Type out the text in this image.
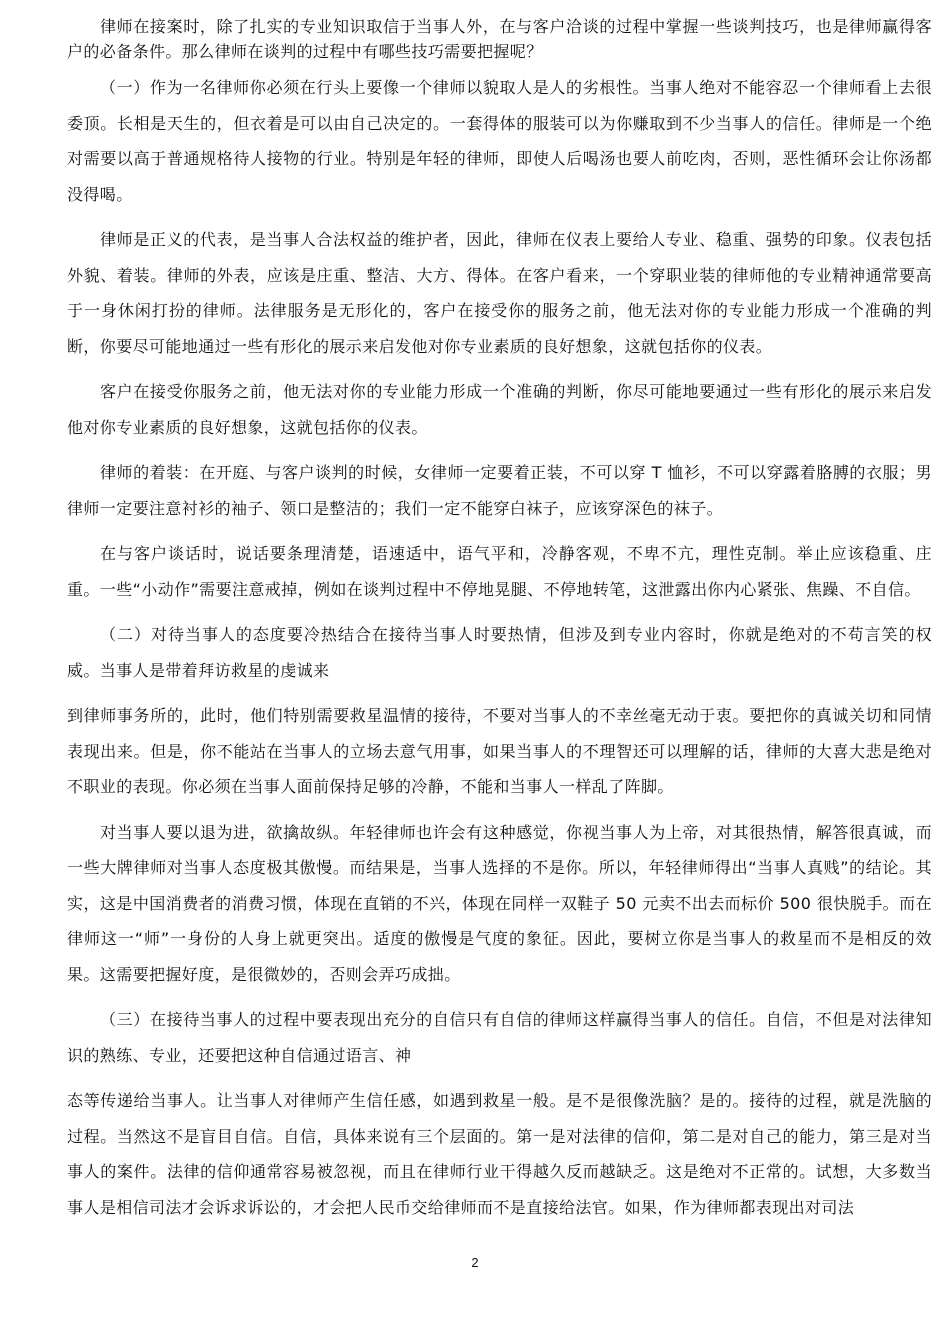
律师在接案时，除了扎实的专业知识取信于当事人外，在与客户洽谈的过程中掌握一些谈判技巧，也是律师赢得客户的必备条件。那么律师在谈判的过程中有哪些技巧需要把握呢？

（一）作为一名律师你必须在行头上要像一个律师以貌取人是人的劣根性。当事人绝对不能容忍一个律师看上去很委顶。长相是天生的，但衣着是可以由自己决定的。一套得体的服装可以为你赚取到不少当事人的信任。律师是一个绝对需要以高于普通规格待人接物的行业。特别是年轻的律师，即使人后喝汤也要人前吃肉，否则，恶性循环会让你汤都没得喝。

律师是正义的代表，是当事人合法权益的维护者，因此，律师在仪表上要给人专业、稳重、强势的印象。仪表包括外貌、着装。律师的外表，应该是庄重、整洁、大方、得体。在客户看来，一个穿职业装的律师他的专业精神通常要高于一身休闲打扮的律师。法律服务是无形化的，客户在接受你的服务之前，他无法对你的专业能力形成一个准确的判断，你要尽可能地通过一些有形化的展示来启发他对你专业素质的良好想象，这就包括你的仪表。

客户在接受你服务之前，他无法对你的专业能力形成一个准确的判断，你尽可能地要通过一些有形化的展示来启发他对你专业素质的良好想象，这就包括你的仪表。

律师的着装：在开庭、与客户谈判的时候，女律师一定要着正装，不可以穿 T 恤衫，不可以穿露着胳膊的衣服；男律师一定要注意衬衫的袖子、领口是整洁的；我们一定不能穿白袜子，应该穿深色的袜子。

在与客户谈话时，说话要条理清楚，语速适中，语气平和，冷静客观，不卑不亢，理性克制。举止应该稳重、庄重。一些“小动作”需要注意戒掉，例如在谈判过程中不停地晃腿、不停地转笔，这泄露出你内心紧张、焦躁、不自信。

（二）对待当事人的态度要冷热结合在接待当事人时要热情，但涉及到专业内容时，你就是绝对的不苟言笑的权威。当事人是带着拜访救星的虔诚来

到律师事务所的，此时，他们特别需要救星温情的接待，不要对当事人的不幸丝毫无动于衷。要把你的真诚关切和同情表现出来。但是，你不能站在当事人的立场去意气用事，如果当事人的不理智还可以理解的话，律师的大喜大悲是绝对不职业的表现。你必须在当事人面前保持足够的冷静，不能和当事人一样乱了阵脚。

对当事人要以退为进，欲擒故纵。年轻律师也许会有这种感觉，你视当事人为上帝，对其很热情，解答很真诚，而一些大牌律师对当事人态度极其傲慢。而结果是，当事人选择的不是你。所以，年轻律师得出“当事人真贱”的结论。其实，这是中国消费者的消费习惯，体现在直销的不兴，体现在同样一双鞋子 50 元卖不出去而标价 500 很快脱手。而在律师这一“师”一身份的人身上就更突出。适度的傲慢是气度的象征。因此，要树立你是当事人的救星而不是相反的效果。这需要把握好度，是很微妙的，否则会弄巧成拙。

（三）在接待当事人的过程中要表现出充分的自信只有自信的律师这样赢得当事人的信任。自信，不但是对法律知识的熟练、专业，还要把这种自信通过语言、神

态等传递给当事人。让当事人对律师产生信任感，如遇到救星一般。是不是很像洗脑？是的。接待的过程，就是洗脑的过程。当然这不是盲目自信。自信，具体来说有三个层面的。第一是对法律的信仰，第二是对自己的能力，第三是对当事人的案件。法律的信仰通常容易被忽视，而且在律师行业干得越久反而越缺乏。这是绝对不正常的。试想，大多数当事人是相信司法才会诉求诉讼的，才会把人民币交给律师而不是直接给法官。如果，作为律师都表现出对司法

2
